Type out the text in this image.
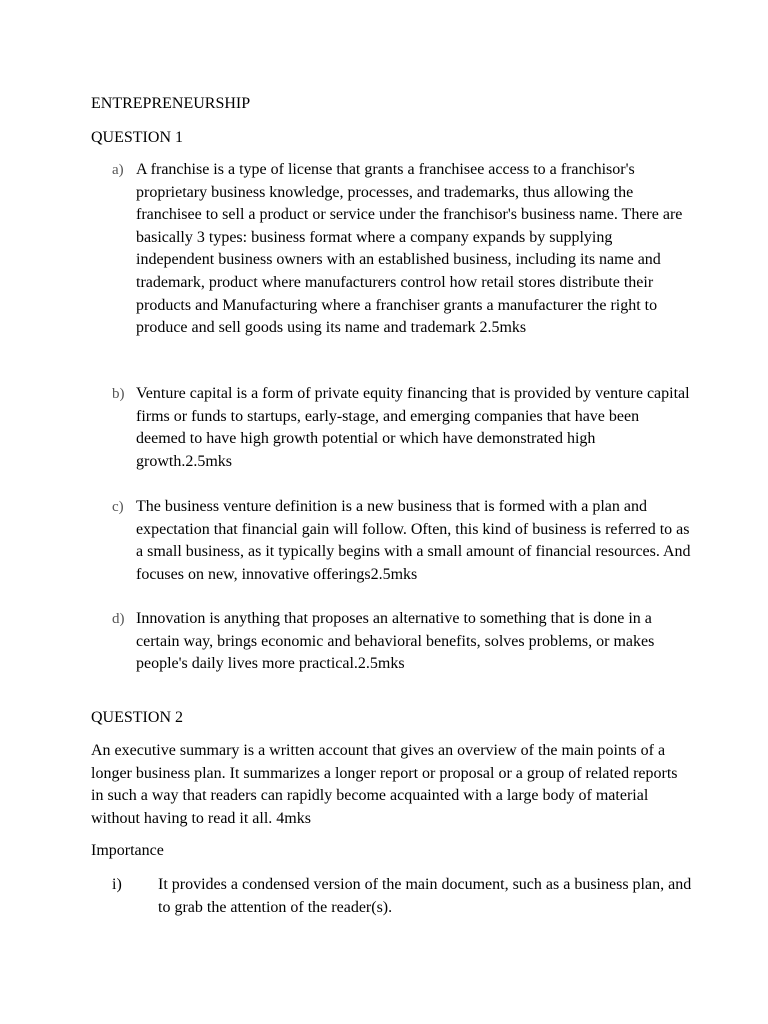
ENTREPRENEURSHIP

QUESTION 1

a) A franchise is a type of license that grants a franchisee access to a franchisor's proprietary business knowledge, processes, and trademarks, thus allowing the franchisee to sell a product or service under the franchisor's business name. There are basically 3 types: business format where a company expands by supplying independent business owners with an established business, including its name and trademark, product where manufacturers control how retail stores distribute their products and Manufacturing where a franchiser grants a manufacturer the right to produce and sell goods using its name and trademark 2.5mks
b) Venture capital is a form of private equity financing that is provided by venture capital firms or funds to startups, early-stage, and emerging companies that have been deemed to have high growth potential or which have demonstrated high growth.2.5mks
c) The business venture definition is a new business that is formed with a plan and expectation that financial gain will follow. Often, this kind of business is referred to as a small business, as it typically begins with a small amount of financial resources. And focuses on new, innovative offerings2.5mks
d) Innovation is anything that proposes an alternative to something that is done in a certain way, brings economic and behavioral benefits, solves problems, or makes people's daily lives more practical.2.5mks

QUESTION 2

An executive summary is a written account that gives an overview of the main points of a longer business plan. It summarizes a longer report or proposal or a group of related reports in such a way that readers can rapidly become acquainted with a large body of material without having to read it all. 4mks

Importance

i)	It provides a condensed version of the main document, such as a business plan, and to grab the attention of the reader(s).
